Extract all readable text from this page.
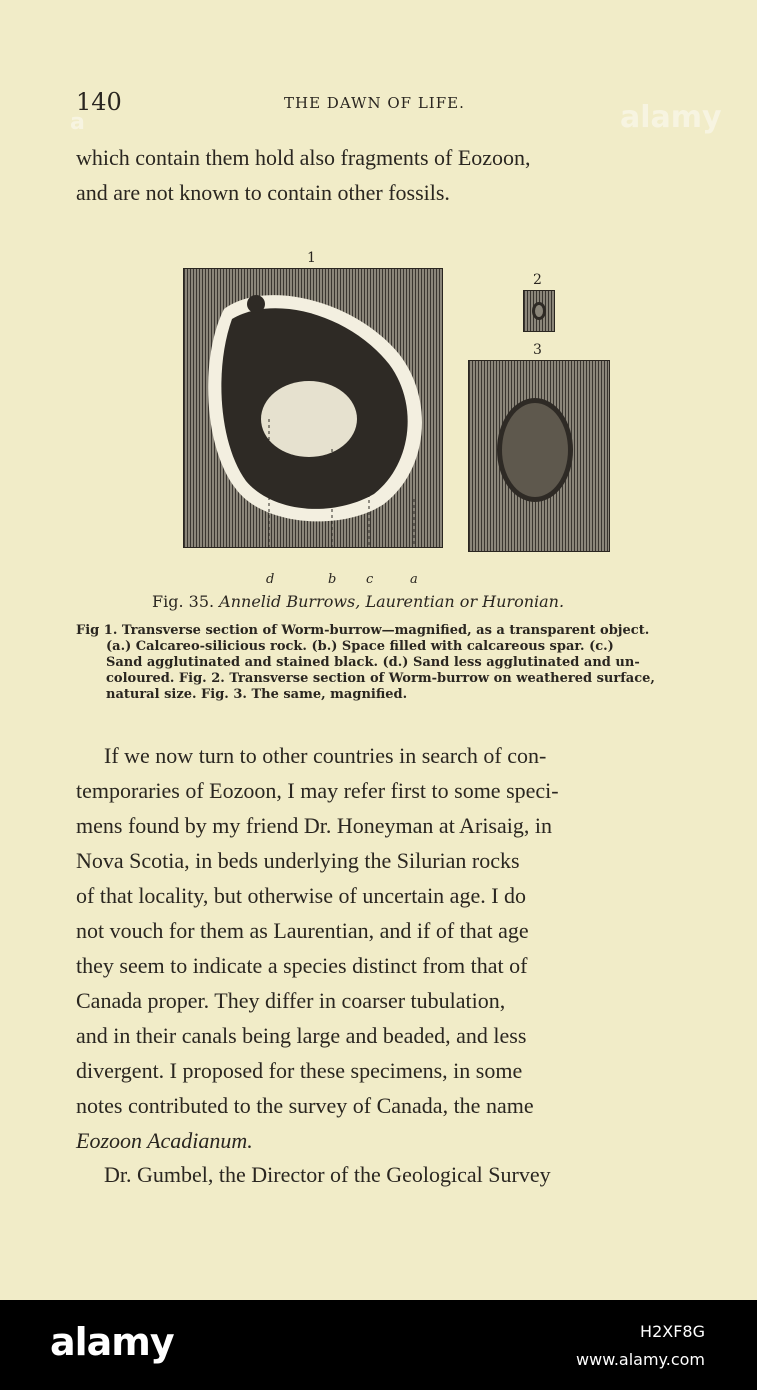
140	THE DAWN OF LIFE.
which contain them hold also fragments of Eozoon,
and are not known to contain other fossils.
1
2
3
d	b c	a
Fig. 35. Annelid Burrows, Laurentian or Huronian.
Fig 1. Transverse section of Worm-burrow—magnified, as a transparent object.
(a.) Calcareo-silicious rock. (b.) Space filled with calcareous spar. (c.)
Sand agglutinated and stained black. (d.) Sand less agglutinated and un-
coloured. Fig. 2. Transverse section of Worm-burrow on weathered surface,
natural size. Fig. 3. The same, magnified.
If we now turn to other countries in search of con-
temporaries of Eozoon, I may refer first to some speci-
mens found by my friend Dr. Honeyman at Arisaig, in
Nova Scotia, in beds underlying the Silurian rocks
of that locality, but otherwise of uncertain age. I do
not vouch for them as Laurentian, and if of that age
they seem to indicate a species distinct from that of
Canada proper. They differ in coarser tubulation,
and in their canals being large and beaded, and less
divergent. I proposed for these specimens, in some
notes contributed to the survey of Canada, the name
Eozoon Acadianum.
Dr. Gumbel, the Director of the Geological Survey
alamy
a
alamy	H2XF8G
www.alamy.com
